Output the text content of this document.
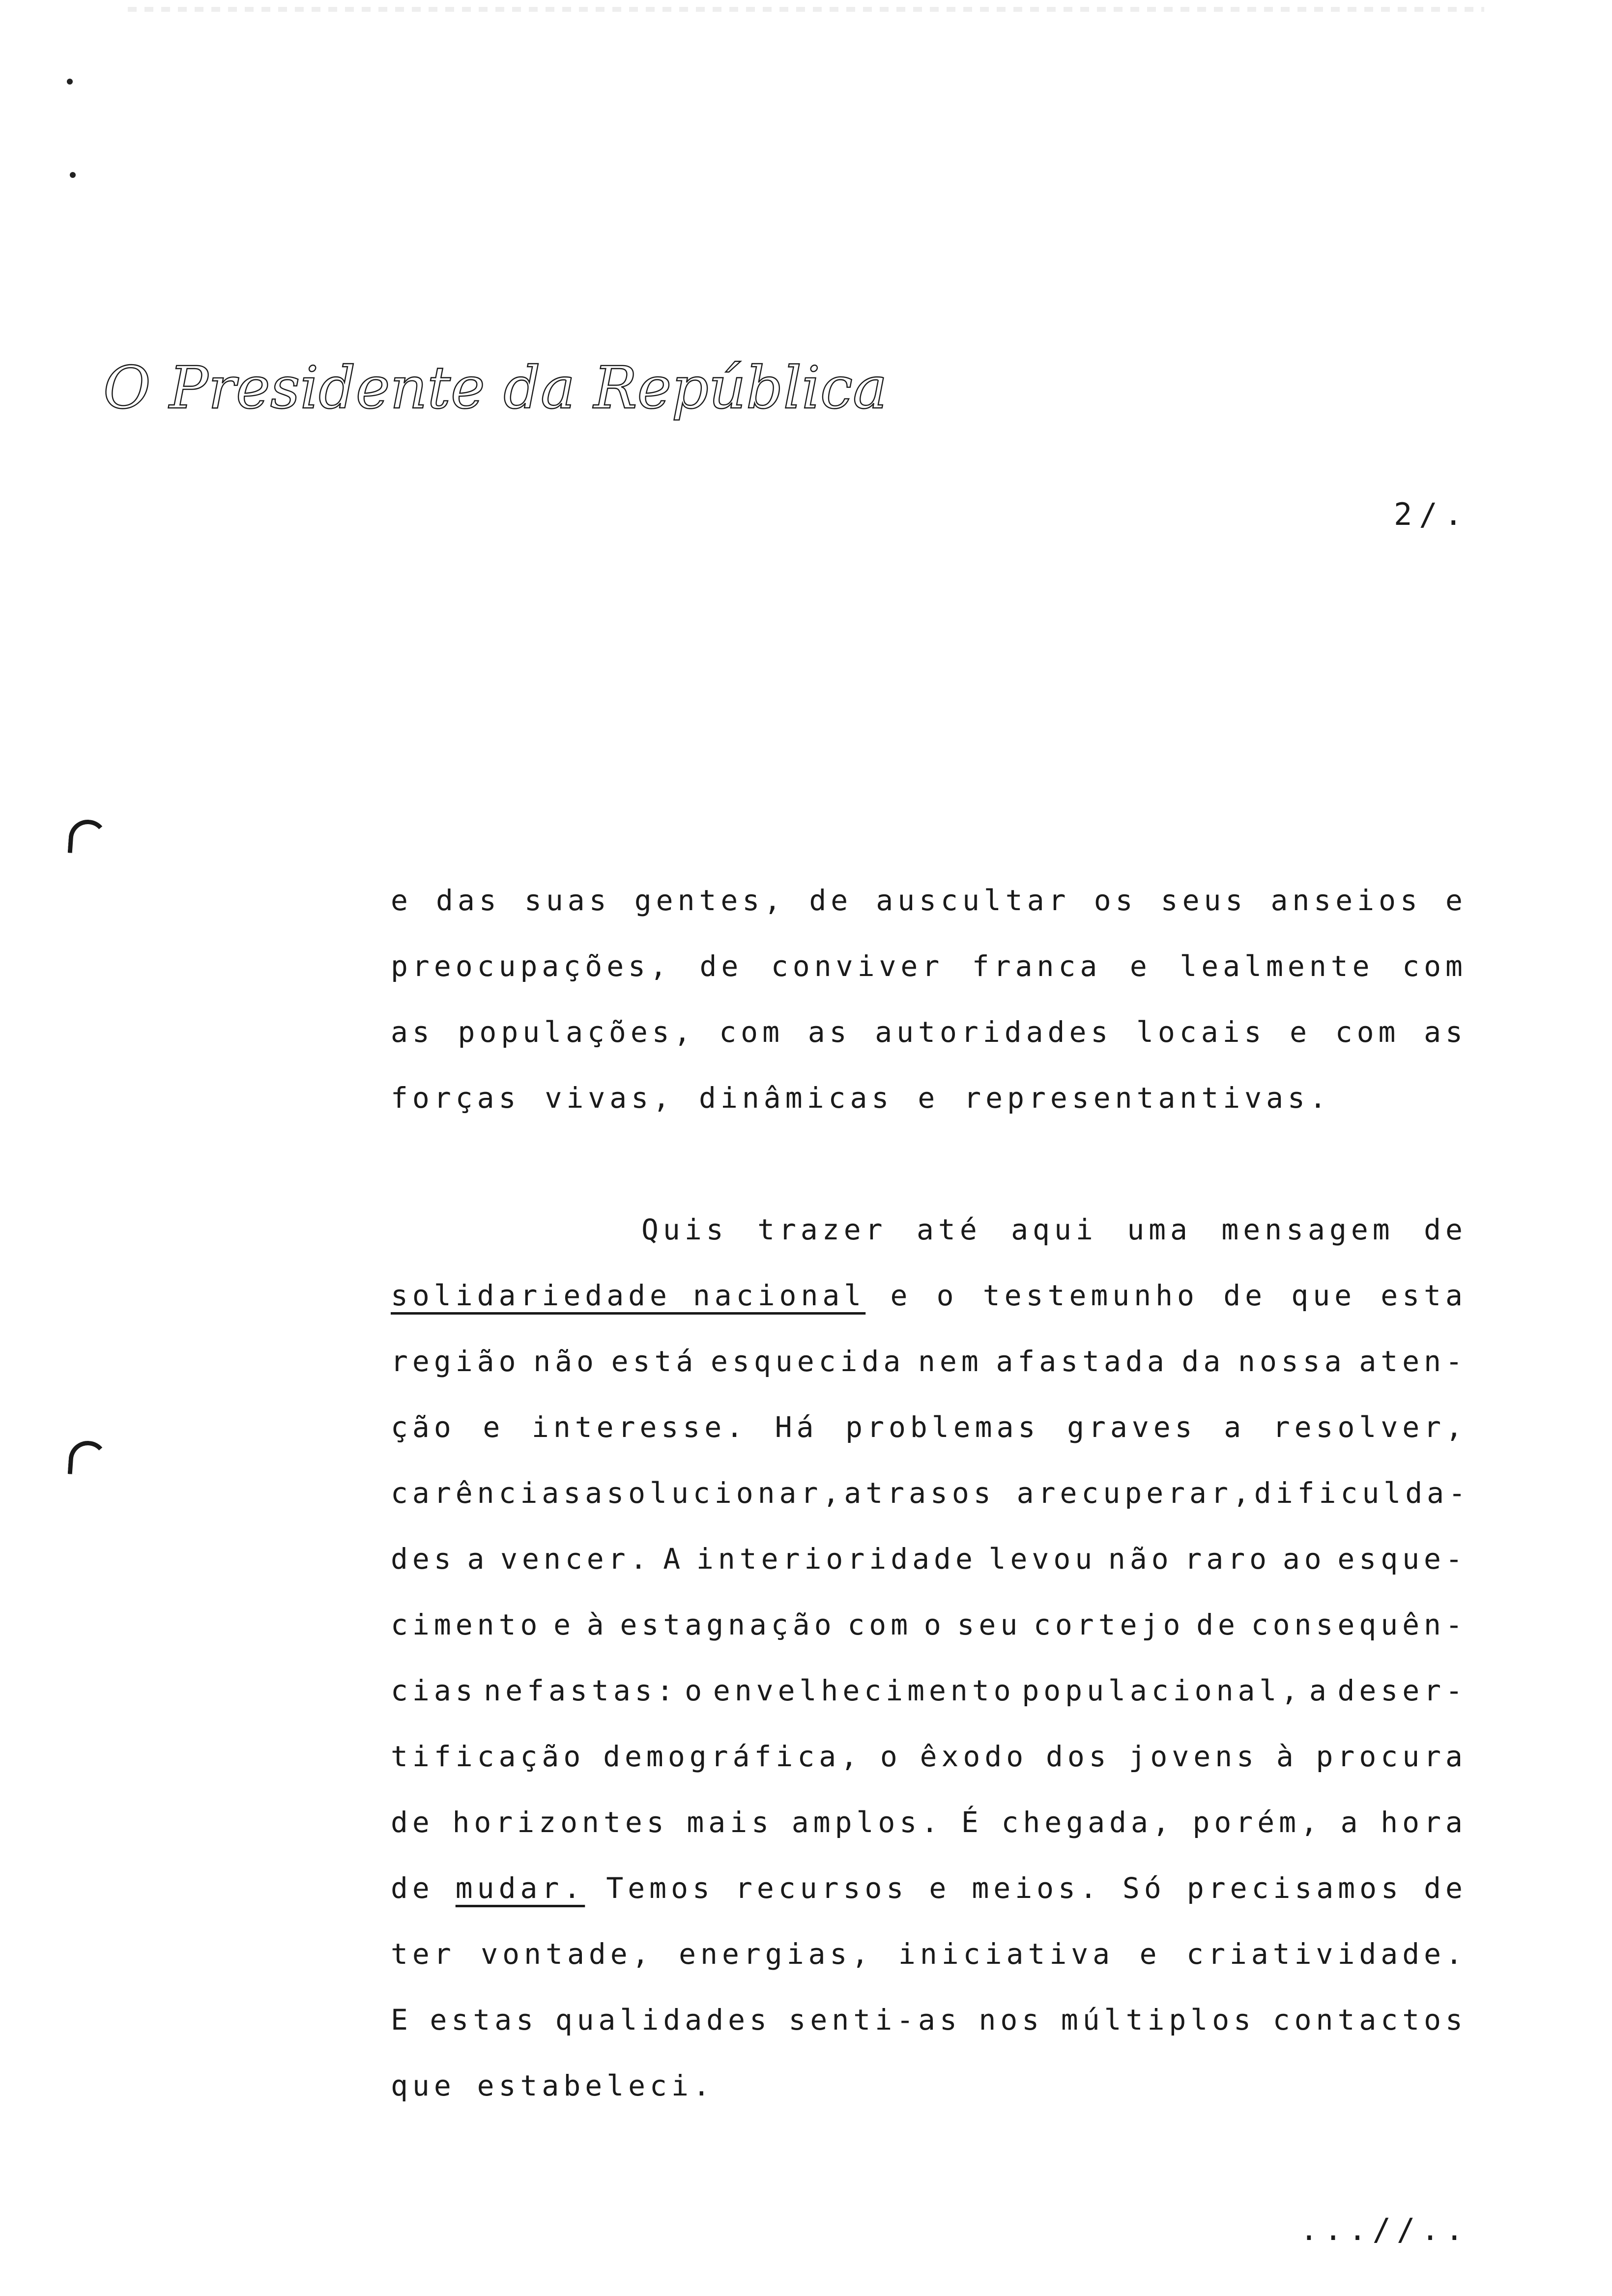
O Presidente da República
2/.
e das suas gentes, de auscultar os seus anseios e
preocupações, de conviver franca e lealmente com
as populações, com as autoridades locais e com as
forças vivas, dinâmicas e representantivas.
Quis trazer até aqui uma mensagem de
solidariedade nacional e o testemunho de que esta
região não está esquecida nem afastada da nossa aten-
ção e interesse. Há problemas graves a resolver,
carências a solucionar, atrasos a recuperar, dificulda-
des a vencer. A interioridade levou não raro ao esque-
cimento e à estagnação com o seu cortejo de consequên-
cias nefastas: o envelhecimento populacional, a deser-
tificação demográfica, o êxodo dos jovens à procura
de horizontes mais amplos. É chegada, porém, a hora
de mudar. Temos recursos e meios. Só precisamos de
ter vontade, energias, iniciativa e criatividade.
E estas qualidades senti-as nos múltiplos contactos
que estabeleci.
...//..
